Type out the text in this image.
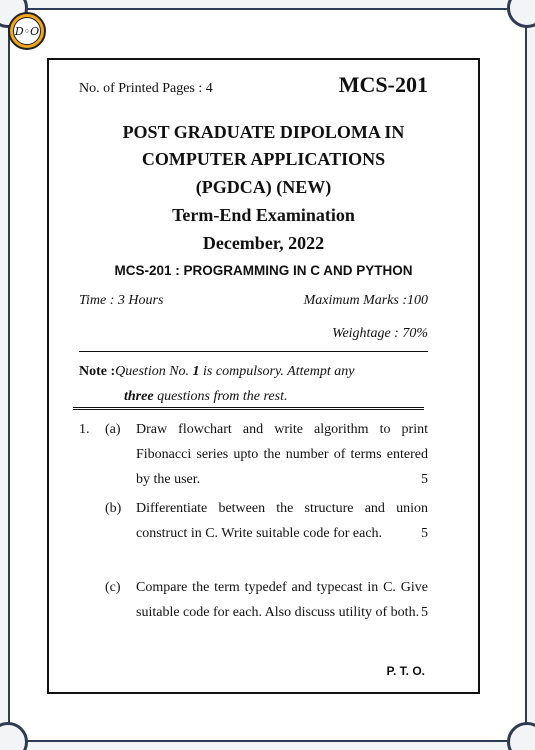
D◦O
No. of Printed Pages : 4	MCS-201
POST GRADUATE DIPOLOMA IN
COMPUTER APPLICATIONS
(PGDCA) (NEW)
Term-End Examination
December, 2022
MCS-201 : PROGRAMMING IN C AND PYTHON
Time : 3 Hours	Maximum Marks :100
Weightage : 70%
Note :Question No. 1 is compulsory. Attempt any
three questions from the rest.
1. (a) Draw flowchart and write algorithm to print Fibonacci series upto the number of terms entered by the user.	5
(b) Differentiate between the structure and union construct in C. Write suitable code for each.	5
(c) Compare the term typedef and typecast in C. Give suitable code for each. Also discuss utility of both. 5
P. T. O.
